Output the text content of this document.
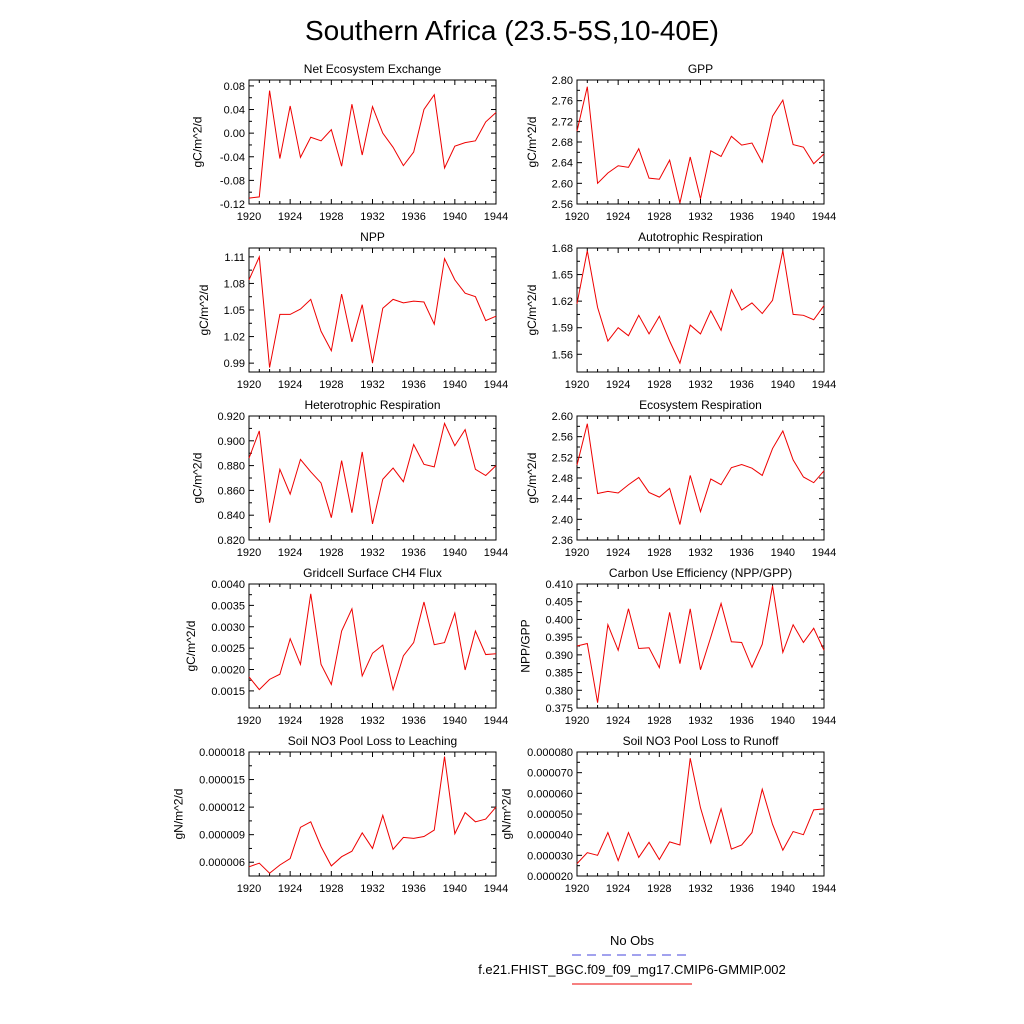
Southern Africa (23.5-5S,10-40E)
Net Ecosystem Exchange
1920 1924 1928 1932 1936 1940 1944
-0.12
-0.08
-0.04
0.00
0.04
0.08
gC/m^2/d
GPP
1920 1924 1928 1932 1936 1940 1944
2.56
2.60
2.64
2.68
2.72
2.76
2.80
gC/m^2/d
NPP
1920 1924 1928 1932 1936 1940 1944
0.99
1.02
1.05
1.08
1.11
gC/m^2/d
Autotrophic Respiration
1920 1924 1928 1932 1936 1940 1944
1.56
1.59
1.62
1.65
1.68
gC/m^2/d
Heterotrophic Respiration
1920 1924 1928 1932 1936 1940 1944
0.820
0.840
0.860
0.880
0.900
0.920
gC/m^2/d
Ecosystem Respiration
1920 1924 1928 1932 1936 1940 1944
2.36
2.40
2.44
2.48
2.52
2.56
2.60
gC/m^2/d
Gridcell Surface CH4 Flux
1920 1924 1928 1932 1936 1940 1944
0.0015
0.0020
0.0025
0.0030
0.0035
0.0040
gC/m^2/d
Carbon Use Efficiency (NPP/GPP)
1920 1924 1928 1932 1936 1940 1944
0.375
0.380
0.385
0.390
0.395
0.400
0.405
0.410
NPP/GPP
Soil NO3 Pool Loss to Leaching
1920 1924 1928 1932 1936 1940 1944
0.000006
0.000009
0.000012
0.000015
0.000018
gN/m^2/d
Soil NO3 Pool Loss to Runoff
1920 1924 1928 1932 1936 1940 1944
0.000020
0.000030
0.000040
0.000050
0.000060
0.000070
0.000080
gN/m^2/d
No Obs
f.e21.FHIST_BGC.f09_f09_mg17.CMIP6-GMMIP.002
